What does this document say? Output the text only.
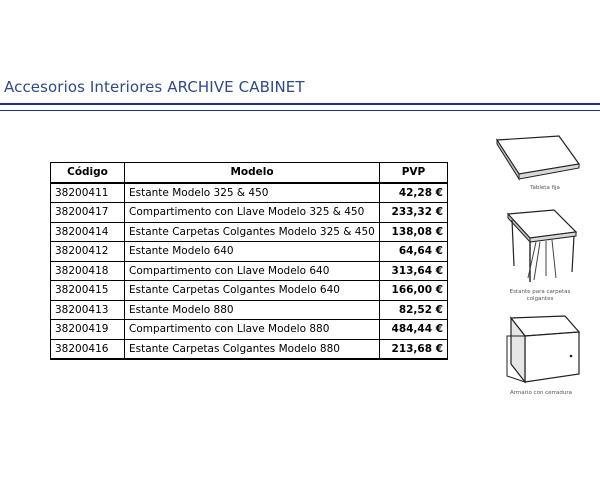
Accesorios Interiores ARCHIVE CABINET
Código	Modelo	PVP
38200411	Estante Modelo 325 & 450	42,28 €
38200417	Compartimento con Llave Modelo 325 & 450	233,32 €
38200414	Estante Carpetas Colgantes Modelo 325 & 450	138,08 €
38200412	Estante Modelo 640	64,64 €
38200418	Compartimento con Llave Modelo 640	313,64 €
38200415	Estante Carpetas Colgantes Modelo 640	166,00 €
38200413	Estante Modelo 880	82,52 €
38200419	Compartimento con Llave Modelo 880	484,44 €
38200416	Estante Carpetas Colgantes Modelo 880	213,68 €
Tableta fija
Estante para carpetas colgantes
Armario con cerradura
